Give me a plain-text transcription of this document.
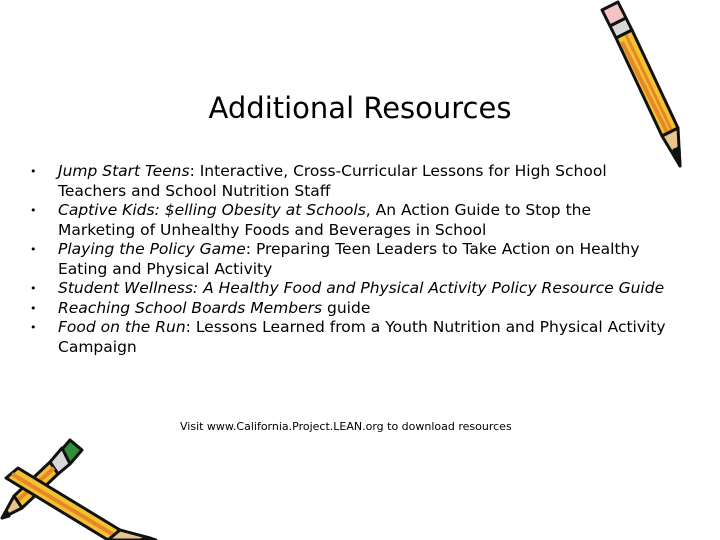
Additional Resources
• Jump Start Teens: Interactive, Cross-Curricular Lessons for High School Teachers and School Nutrition Staff
• Captive Kids: $elling Obesity at Schools, An Action Guide to Stop the Marketing of Unhealthy Foods and Beverages in School
• Playing the Policy Game: Preparing Teen Leaders to Take Action on Healthy Eating and Physical Activity
• Student Wellness: A Healthy Food and Physical Activity Policy Resource Guide
• Reaching School Boards Members guide
• Food on the Run: Lessons Learned from a Youth Nutrition and Physical Activity Campaign
Visit www.California.Project.LEAN.org to download resources
